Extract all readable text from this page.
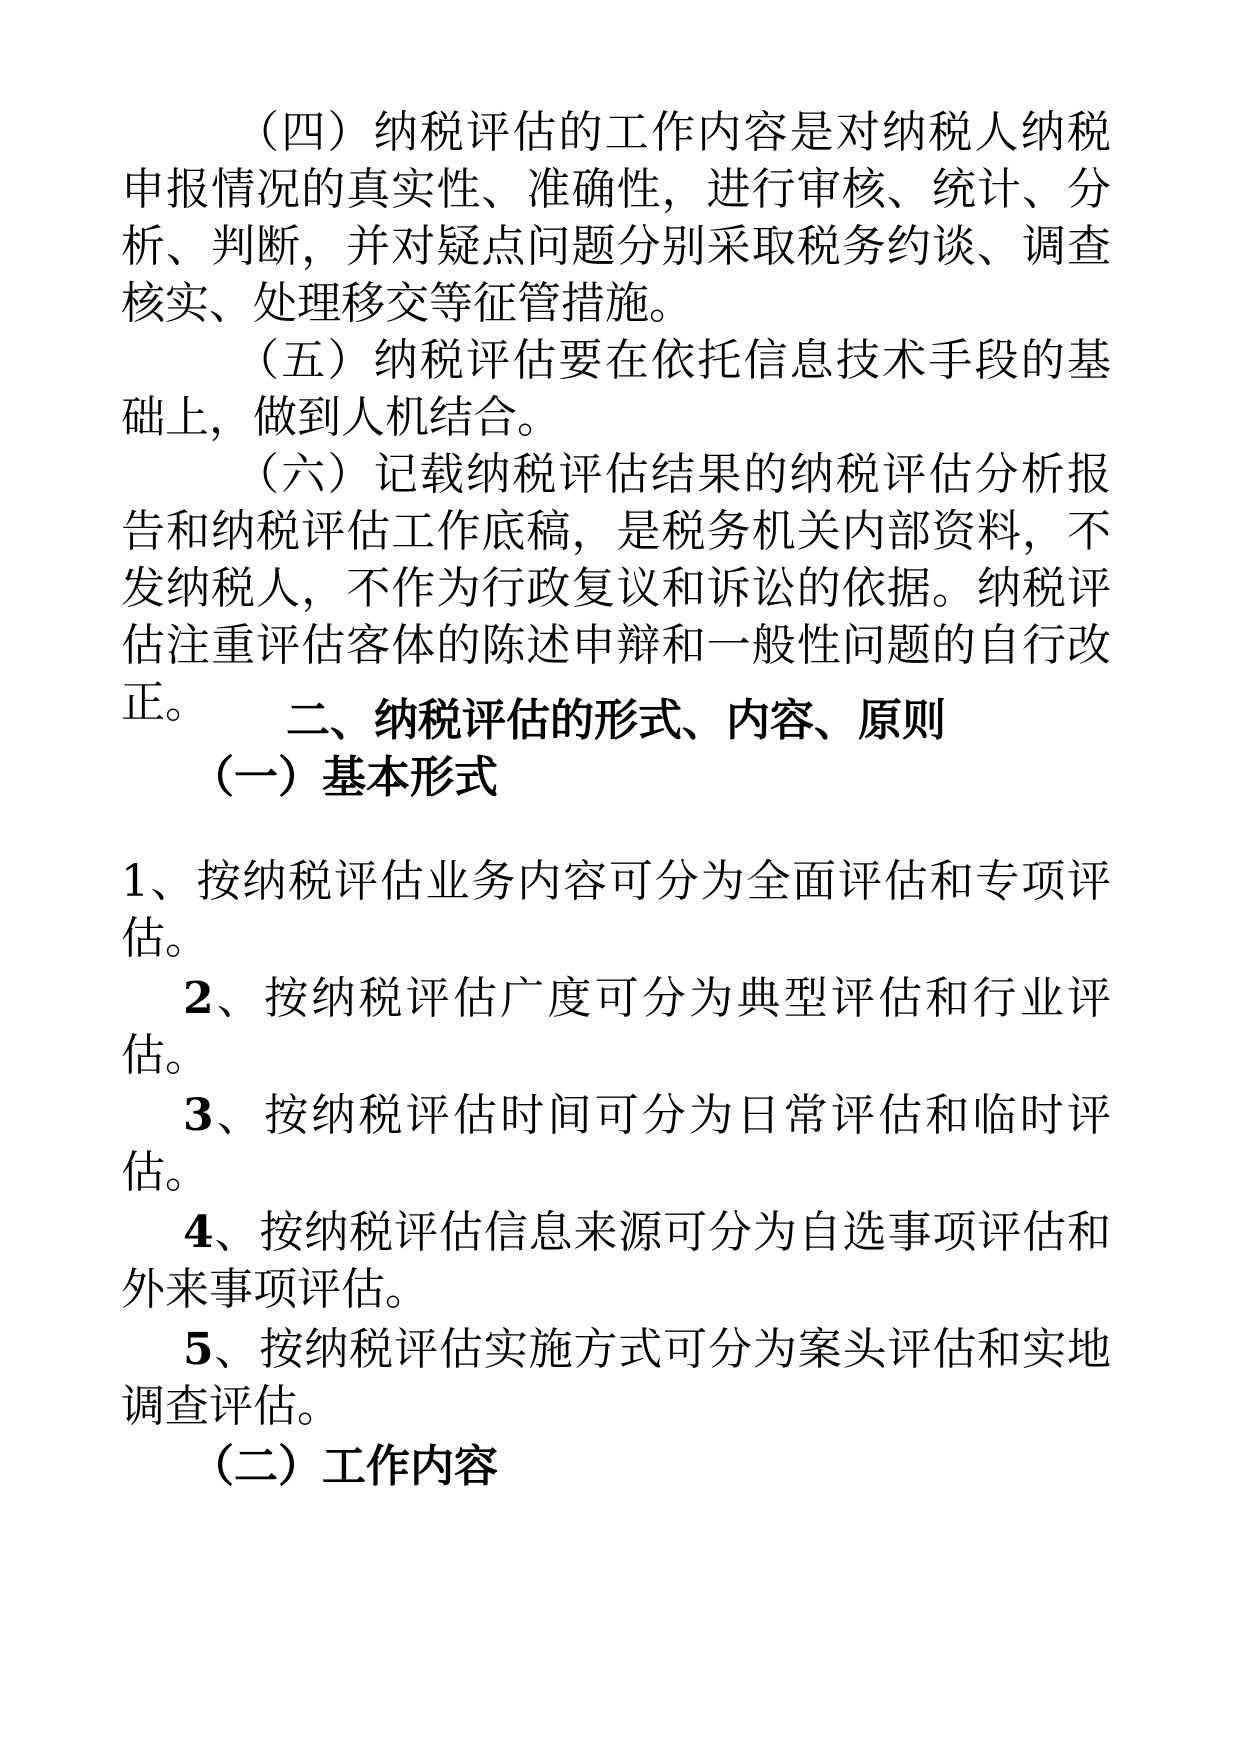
（四）纳税评估的工作内容是对纳税人纳税申报情况的真实性、准确性，进行审核、统计、分析、判断，并对疑点问题分别采取税务约谈、调查核实、处理移交等征管措施。

（五）纳税评估要在依托信息技术手段的基础上，做到人机结合。

（六）记载纳税评估结果的纳税评估分析报告和纳税评估工作底稿，是税务机关内部资料，不发纳税人，不作为行政复议和诉讼的依据。纳税评估注重评估客体的陈述申辩和一般性问题的自行改正。	二、纳税评估的形式、内容、原则
（一）基本形式

1、按纳税评估业务内容可分为全面评估和专项评估。

2、按纳税评估广度可分为典型评估和行业评估。

3、按纳税评估时间可分为日常评估和临时评估。

4、按纳税评估信息来源可分为自选事项评估和外来事项评估。

5、按纳税评估实施方式可分为案头评估和实地调查评估。

（二）工作内容
